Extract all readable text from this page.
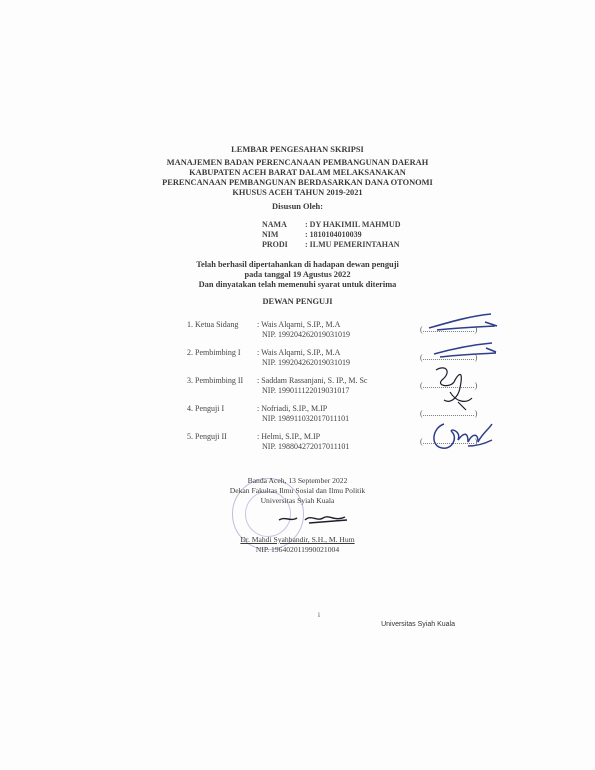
LEMBAR PENGESAHAN SKRIPSI
MANAJEMEN BADAN PERENCANAAN PEMBANGUNAN DAERAH
KABUPATEN ACEH BARAT DALAM MELAKSANAKAN
PERENCANAAN PEMBANGUNAN BERDASARKAN DANA OTONOMI
KHUSUS ACEH TAHUN 2019-2021
Disusun Oleh:
NAMA : DY HAKIMIL MAHMUD
NIM	: 1810104010039
PRODI : ILMU PEMERINTAHAN
Telah berhasil dipertahankan di hadapan dewan penguji
pada tanggal 19 Agustus 2022
Dan dinyatakan telah memenuhi syarat untuk diterima
DEWAN PENGUJI
1. Ketua Sidang : Wais Alqarni, S.IP., M.A
NIP. 199204262019031019
(..........................)
2. Pembimbing I : Wais Alqarni, S.IP., M.A
NIP. 199204262019031019
(..........................)
3. Pembimbing II : Saddam Rassanjani, S. IP., M. Sc
NIP. 199011122019031017
(..........................)
4. Penguji I	: Nofriadi, S.IP., M.IP
NIP. 198911032017011101
(..........................)
5. Penguji II	: Helmi, S.IP., M.IP
NIP. 198804272017011101
(..........................)
Banda Aceh, 13 September 2022
Dekan Fakultas Ilmu Sosial dan Ilmu Politik
Universitas Syiah Kuala
Dr. Mahdi Syahbandir, S.H., M. Hum
NIP. 196402011990021004
i
Universitas Syiah Kuala
